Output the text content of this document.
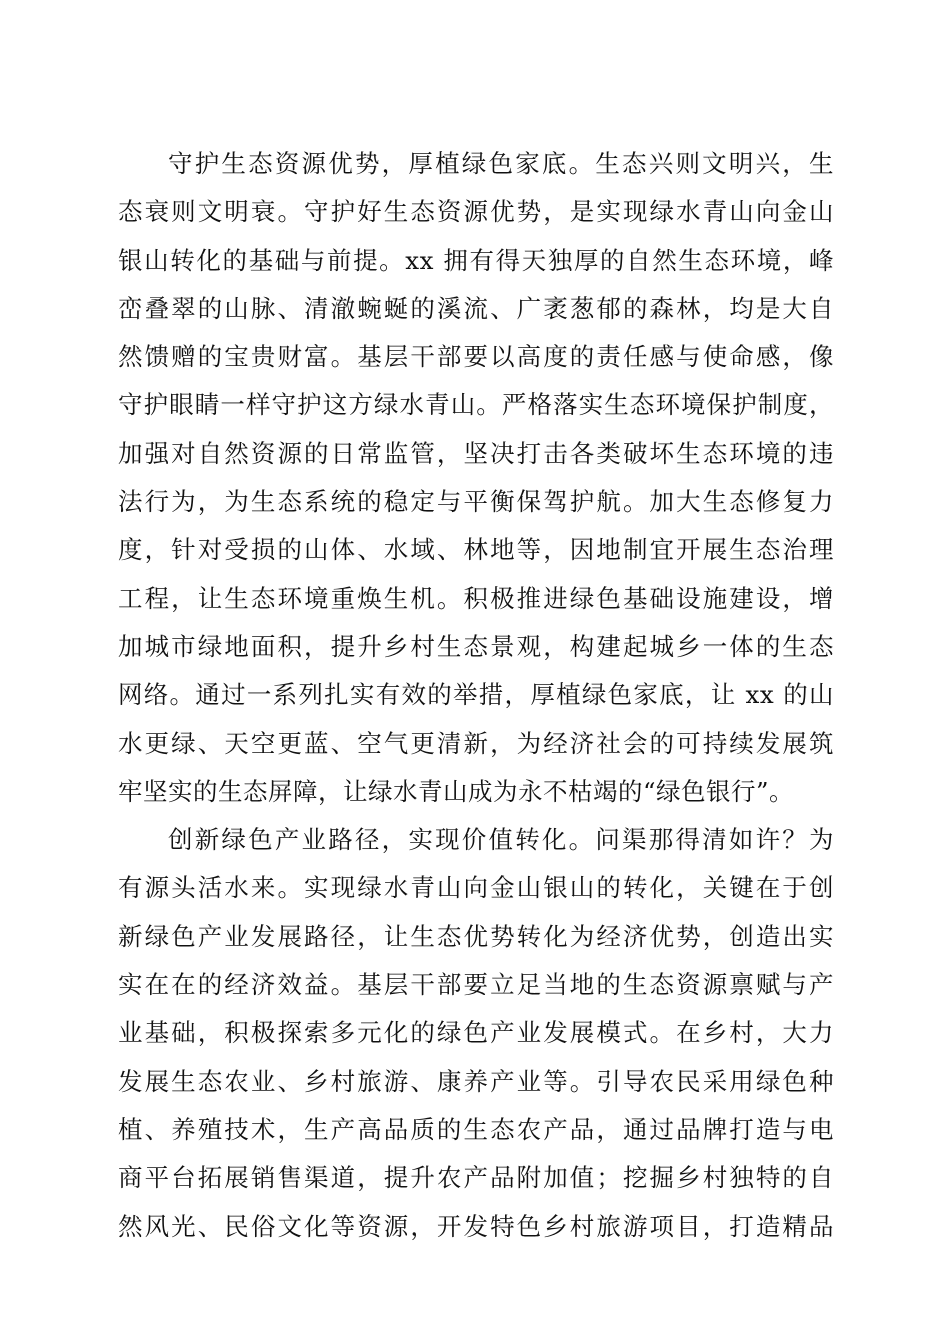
守护生态资源优势，厚植绿色家底。生态兴则文明兴，生
态衰则文明衰。守护好生态资源优势，是实现绿水青山向金山
银山转化的基础与前提。xx 拥有得天独厚的自然生态环境，峰
峦叠翠的山脉、清澈蜿蜒的溪流、广袤葱郁的森林，均是大自
然馈赠的宝贵财富。基层干部要以高度的责任感与使命感，像
守护眼睛一样守护这方绿水青山。严格落实生态环境保护制度，
加强对自然资源的日常监管，坚决打击各类破坏生态环境的违
法行为，为生态系统的稳定与平衡保驾护航。加大生态修复力
度，针对受损的山体、水域、林地等，因地制宜开展生态治理
工程，让生态环境重焕生机。积极推进绿色基础设施建设，增
加城市绿地面积，提升乡村生态景观，构建起城乡一体的生态
网络。通过一系列扎实有效的举措，厚植绿色家底，让 xx 的山
水更绿、天空更蓝、空气更清新，为经济社会的可持续发展筑
牢坚实的生态屏障，让绿水青山成为永不枯竭的“绿色银行”。
创新绿色产业路径，实现价值转化。问渠那得清如许？为
有源头活水来。实现绿水青山向金山银山的转化，关键在于创
新绿色产业发展路径，让生态优势转化为经济优势，创造出实
实在在的经济效益。基层干部要立足当地的生态资源禀赋与产
业基础，积极探索多元化的绿色产业发展模式。在乡村，大力
发展生态农业、乡村旅游、康养产业等。引导农民采用绿色种
植、养殖技术，生产高品质的生态农产品，通过品牌打造与电
商平台拓展销售渠道，提升农产品附加值；挖掘乡村独特的自
然风光、民俗文化等资源，开发特色乡村旅游项目，打造精品
